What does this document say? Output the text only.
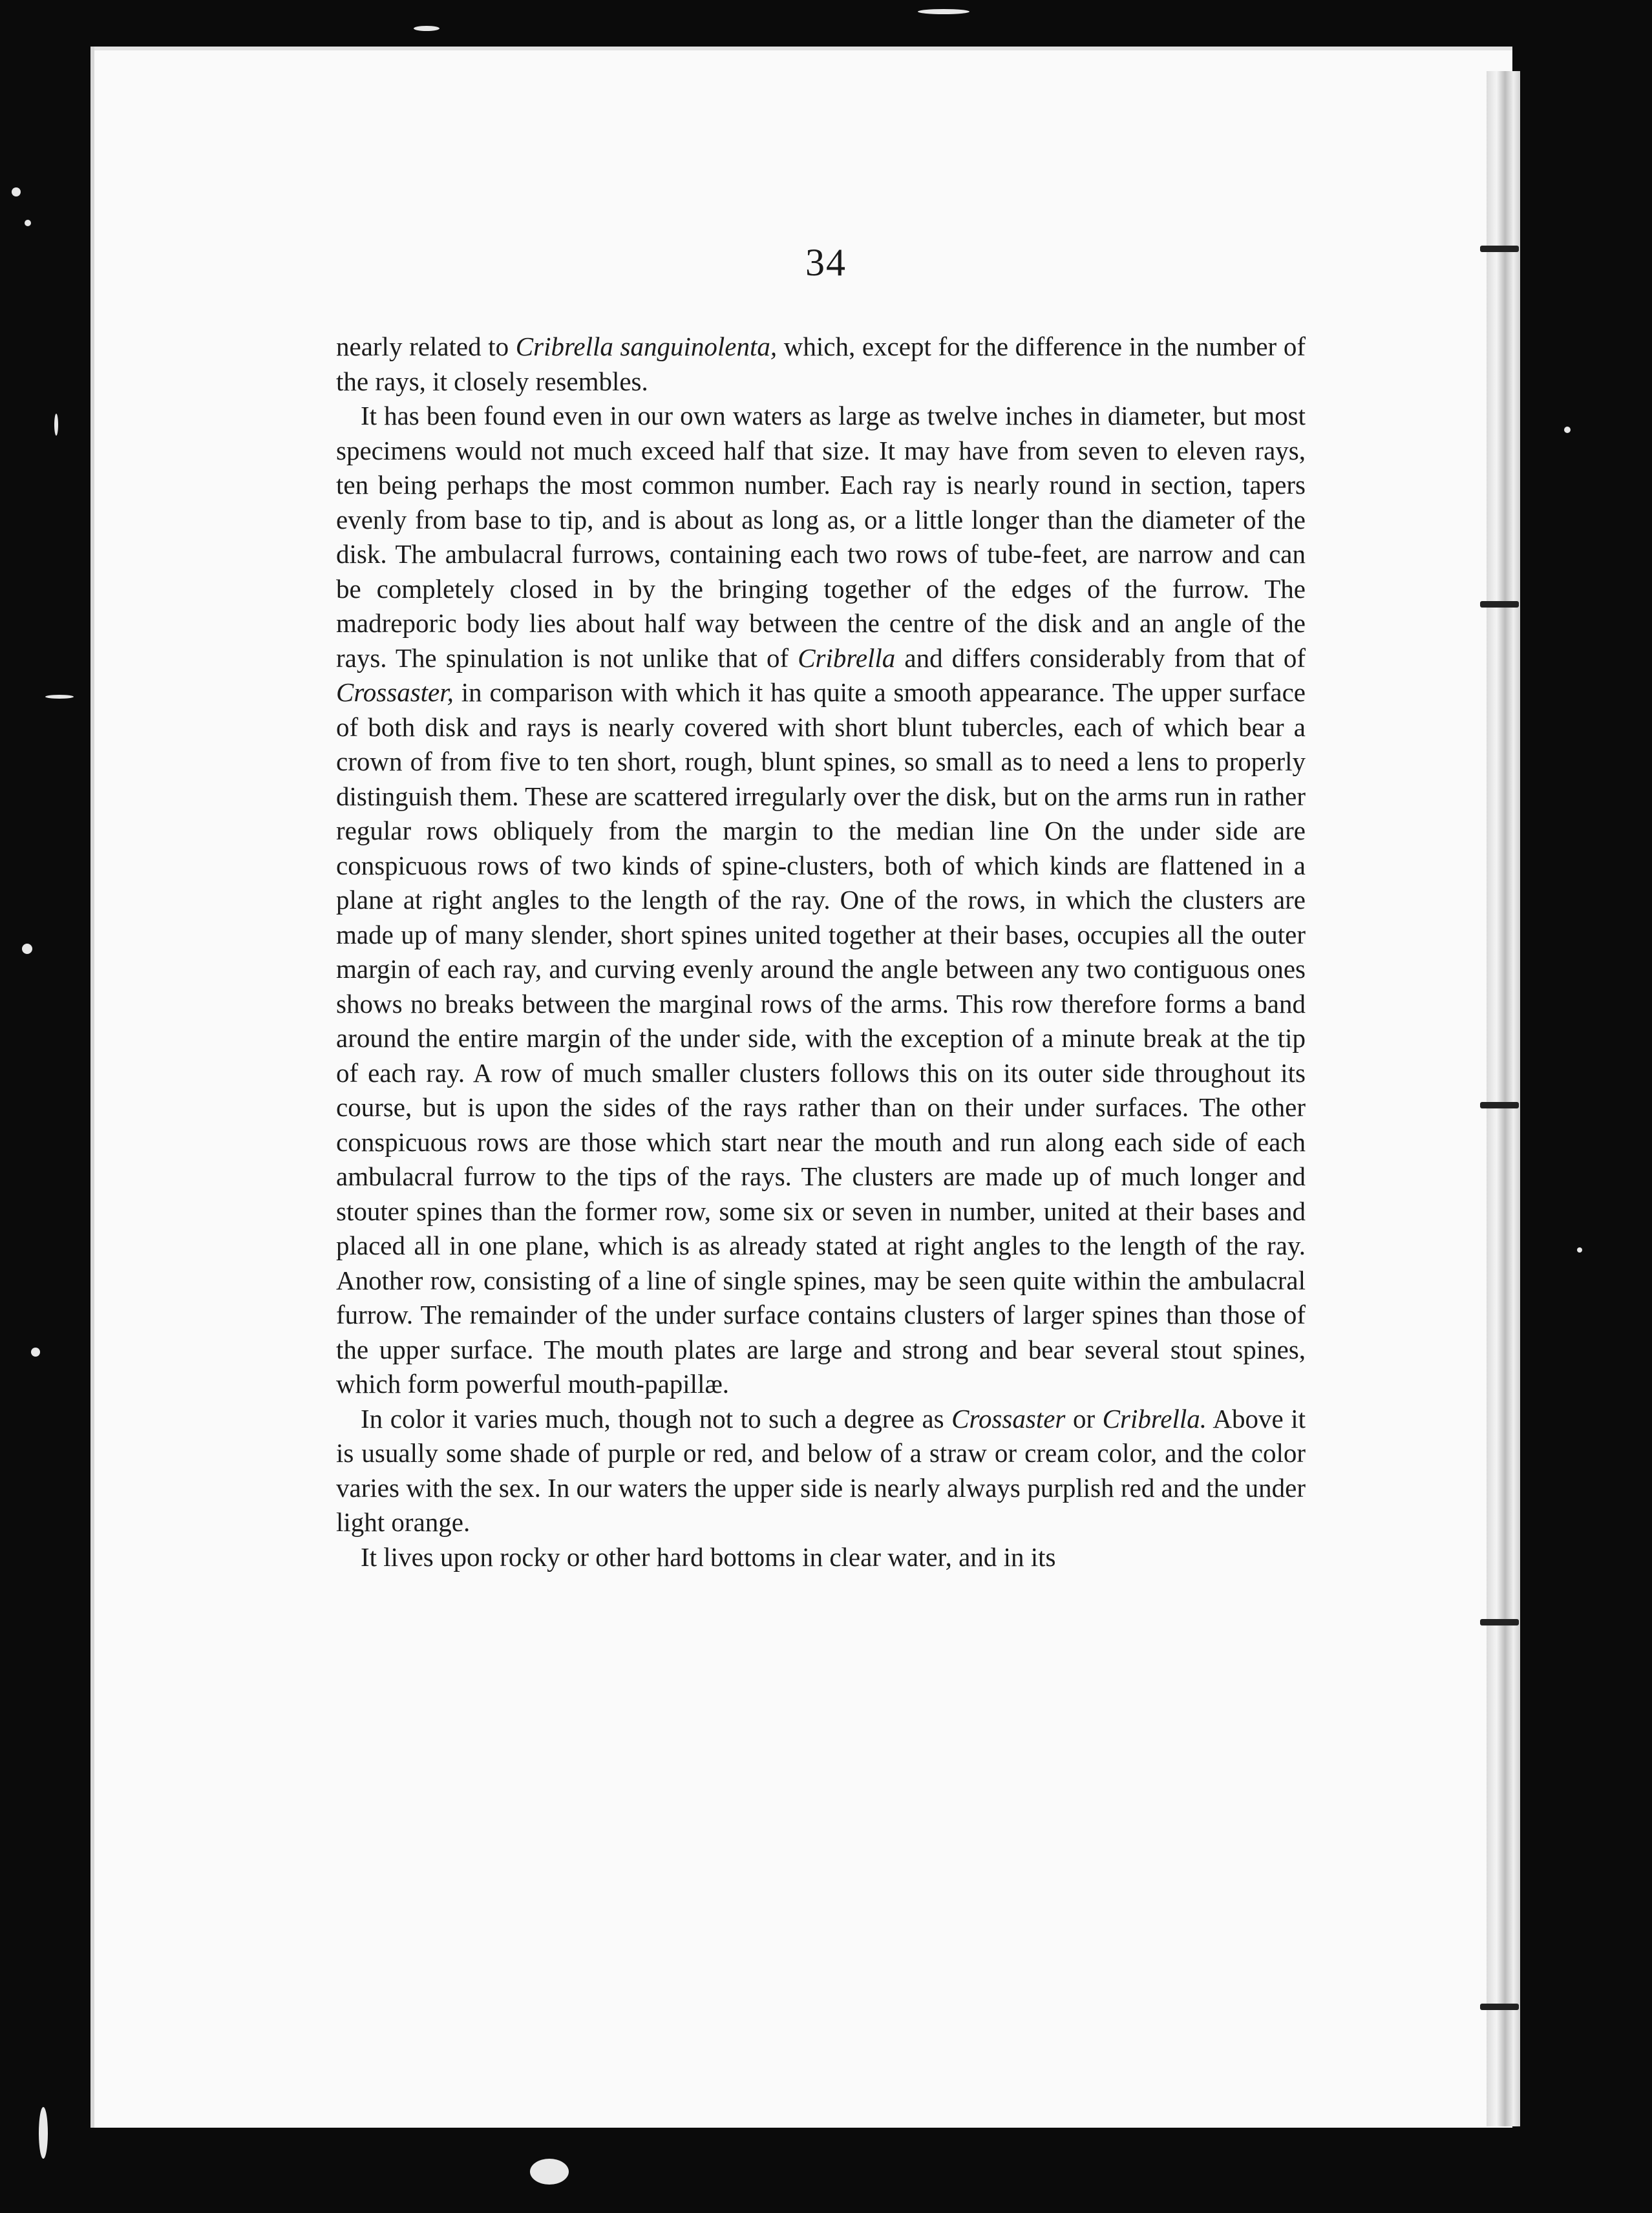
34

nearly related to Cribrella sanguinolenta, which, except for the difference in the number of the rays, it closely resembles.

It has been found even in our own waters as large as twelve inches in diameter, but most specimens would not much exceed half that size. It may have from seven to eleven rays, ten being perhaps the most common number. Each ray is nearly round in section, tapers evenly from base to tip, and is about as long as, or a little longer than the diameter of the disk. The ambulacral furrows, containing each two rows of tube-feet, are narrow and can be completely closed in by the bringing together of the edges of the furrow. The madreporic body lies about half way between the centre of the disk and an angle of the rays. The spinulation is not unlike that of Cribrella and differs considerably from that of Crossaster, in comparison with which it has quite a smooth appearance. The upper surface of both disk and rays is nearly covered with short blunt tubercles, each of which bear a crown of from five to ten short, rough, blunt spines, so small as to need a lens to properly distinguish them. These are scattered irregularly over the disk, but on the arms run in rather regular rows obliquely from the margin to the median line On the under side are conspicuous rows of two kinds of spine-clusters, both of which kinds are flattened in a plane at right angles to the length of the ray. One of the rows, in which the clusters are made up of many slender, short spines united together at their bases, occupies all the outer margin of each ray, and curving evenly around the angle between any two contiguous ones shows no breaks between the marginal rows of the arms. This row therefore forms a band around the entire margin of the under side, with the exception of a minute break at the tip of each ray. A row of much smaller clusters follows this on its outer side throughout its course, but is upon the sides of the rays rather than on their under surfaces. The other conspicuous rows are those which start near the mouth and run along each side of each ambulacral furrow to the tips of the rays. The clusters are made up of much longer and stouter spines than the former row, some six or seven in number, united at their bases and placed all in one plane, which is as already stated at right angles to the length of the ray. Another row, consisting of a line of single spines, may be seen quite within the ambulacral furrow. The remainder of the under surface contains clusters of larger spines than those of the upper surface. The mouth plates are large and strong and bear several stout spines, which form powerful mouth-papillæ.

In color it varies much, though not to such a degree as Crossaster or Cribrella. Above it is usually some shade of purple or red, and below of a straw or cream color, and the color varies with the sex. In our waters the upper side is nearly always purplish red and the under light orange.

It lives upon rocky or other hard bottoms in clear water, and in its
